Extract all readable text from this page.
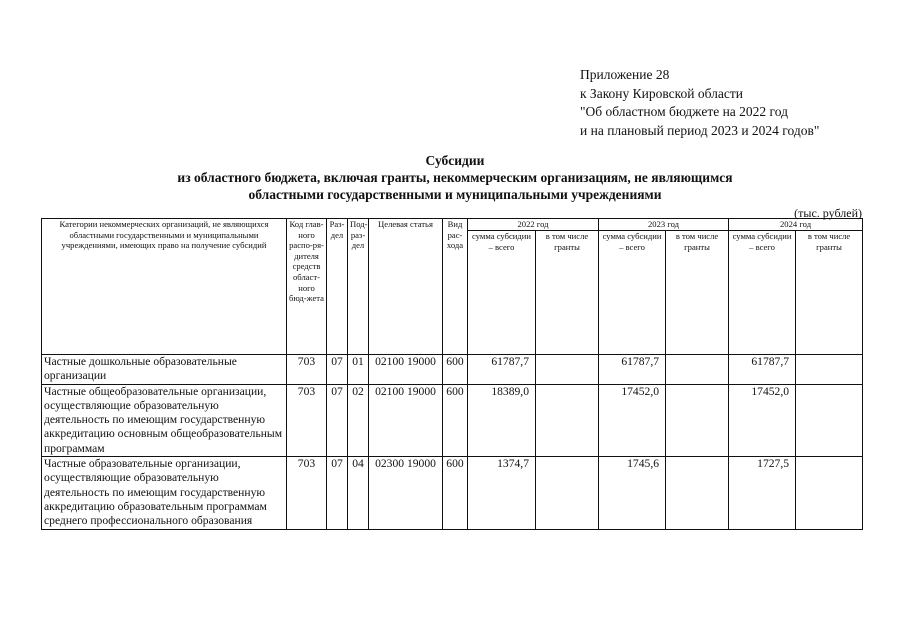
Приложение 28
к Закону Кировской области
"Об областном бюджете на 2022 год
и на плановый период 2023 и 2024 годов"
Субсидии
из областного бюджета, включая гранты, некоммерческим организациям, не являющимся
областными государственными и муниципальными учреждениями
(тыс. рублей)
Категории некоммерческих организаций, не являющихся областными государственными и муниципальными учреждениями, имеющих право на получение субсидий	Код глав-ного распо-ря-дителя средств област-ного бюд-жета	Раз-дел	Под-раз-дел	Целевая статья	Вид рас-хода	2022 год		2023 год		2024 год	
						сумма субсидии – всего	в том числе гранты	сумма субсидии – всего	в том числе гранты	сумма субсидии – всего	в том числе гранты
Частные дошкольные образовательные организации	703	07	01	02100 19000	600	61787,7		61787,7		61787,7	
Частные общеобразовательные организации, осуществляющие образовательную деятельность по имеющим государственную аккредитацию основным общеобразовательным программам	703	07	02	02100 19000	600	18389,0		17452,0		17452,0	
Частные образовательные организации, осуществляющие образовательную деятельность по имеющим государственную аккредитацию образовательным программам среднего профессионального образования	703	07	04	02300 19000	600	1374,7		1745,6		1727,5	
